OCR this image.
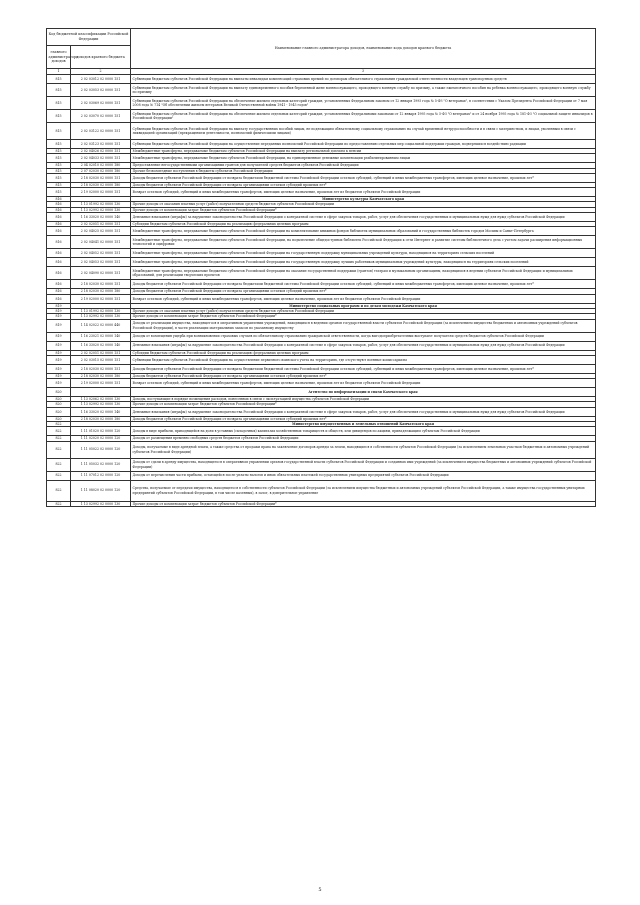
Код бюджетной классификации Российской Федерации		Наименование главного администратора доходов, наименование кода доходов краевого бюджета
главного администратора доходов	доходов краевого бюджета	
1	2	3
815	2 02 03012 02 0000 151	Субвенции бюджетам субъектов Российской Федерации на выплаты инвалидам компенсаций страховых премий по договорам обязательного страхования гражданской ответственности владельцев транспортных средств
815	2 02 03053 02 0000 151	Субвенции бюджетам субъектов Российской Федерации на выплату единовременного пособия беременной жене военнослужащего, проходящего военную службу по призыву, а также ежемесячного пособия на ребенка военнослужащего, проходящего военную службу по призыву
815	2 02 03069 02 0000 151	Субвенции бюджетам субъектов Российской Федерации на обеспечение жильем отдельных категорий граждан, установленных Федеральным законом от 12 января 1995 года № 5-ФЗ "О ветеранах", в соответствии с Указом Президента Российской Федерации от 7 мая 2008 года № 714 "Об обеспечении жильем ветеранов Великой Отечественной войны 1941 - 1945 годов"
815	2 02 03070 02 0000 151	Субвенции бюджетам субъектов Российской Федерации на обеспечение жильем отдельных категорий граждан, установленных Федеральными законами от 12 января 1995 года № 5-ФЗ "О ветеранах" и от 24 ноября 1995 года № 181-ФЗ "О социальной защите инвалидов в Российской Федерации"
815	2 02 03122 02 0000 151	Субвенции бюджетам субъектов Российской Федерации на выплату государственных пособий лицам, не подлежащим обязательному социальному страхованию на случай временной нетрудоспособности и в связи с материнством, и лицам, уволенным в связи с ликвидацией организаций (прекращением деятельности, полномочий физическими лицами)
815	2 02 03123 02 0000 151	Субвенции бюджетам субъектов Российской Федерации на осуществление переданных полномочий Российской Федерации по предоставлению отдельных мер социальной поддержки граждан, подвергшихся воздействию радиации
815	2 02 04026 02 0000 151	Межбюджетные трансферты, передаваемые бюджетам субъектов Российской Федерации на выплату региональной доплаты к пенсии
815	2 02 04033 02 0000 151	Межбюджетные трансферты, передаваемые бюджетам субъектов Российской Федерации, на единовременные денежные компенсации реабилитированным лицам
815	2 04 02010 02 0000 180	Предоставление негосударственными организациями грантов для получателей средств бюджетов субъектов Российской Федерации
815	2 07 02030 02 0000 180	Прочие безвозмездные поступления в бюджеты субъектов Российской Федерации
815	2 18 02030 02 0000 151	Доходы бюджетов субъектов Российской Федерации от возврата бюджетами бюджетной системы Российской Федерации остатков субсидий, субвенций и иных межбюджетных трансфертов, имеющих целевое назначение, прошлых лет*
815	2 18 02030 02 0000 180	Доходы бюджетов субъектов Российской Федерации от возврата организациями остатков субсидий прошлых лет*
815	2 19 02000 02 0000 151	Возврат остатков субсидий, субвенций и иных межбюджетных трансфертов, имеющих целевое назначение, прошлых лет из бюджетов субъектов Российской Федерации
816		Министерство культуры Камчатского края
816	1 13 01992 02 0000 130	Прочие доходы от оказания платных услуг (работ) получателями средств бюджетов субъектов Российской Федерации
816	1 13 02992 02 0000 130	Прочие доходы от компенсации затрат бюджетов субъектов Российской Федерации*
816	1 16 33020 02 0000 140	Денежные взыскания (штрафы) за нарушение законодательства Российской Федерации о контрактной системе в сфере закупок товаров, работ, услуг для обеспечения государственных и муниципальных нужд для нужд субъектов Российской Федерации
816	2 02 02051 02 0000 151	Субсидии бюджетам субъектов Российской Федерации на реализацию федеральных целевых программ
816	2 02 04025 02 0000 151	Межбюджетные трансферты, передаваемые бюджетам субъектов Российской Федерации на комплектование книжных фондов библиотек муниципальных образований и государственных библиотек городов Москвы и Санкт-Петербурга
816	2 02 04041 02 0000 151	Межбюджетные трансферты, передаваемые бюджетам субъектов Российской Федерации, на подключение общедоступных библиотек Российской Федерации к сети Интернет и развитие системы библиотечного дела с учетом задачи расширения информационных технологий и оцифровки
816	2 02 04052 02 0000 151	Межбюджетные трансферты, передаваемые бюджетам субъектов Российской Федерации на государственную поддержку муниципальных учреждений культуры, находящихся на территориях сельских поселений
816	2 02 04053 02 0000 151	Межбюджетные трансферты, передаваемые бюджетам субъектов Российской Федерации на государственную поддержку лучших работников муниципальных учреждений культуры, находящихся на территориях сельских поселений
816	2 02 04090 02 0000 151	Межбюджетные трансферты, передаваемые бюджетам субъектов Российской Федерации на оказание государственной поддержки (грантов) театрам и музыкальным организациям, находящимся в ведении субъектов Российской Федерации и муниципальных образований, для реализации творческих проектов
816	2 18 02030 02 0000 151	Доходы бюджетов субъектов Российской Федерации от возврата бюджетами бюджетной системы Российской Федерации остатков субсидий, субвенций и иных межбюджетных трансфертов, имеющих целевое назначение, прошлых лет*
816	2 18 02030 02 0000 180	Доходы бюджетов субъектов Российской Федерации от возврата организациями остатков субсидий прошлых лет*
816	2 19 02000 02 0000 151	Возврат остатков субсидий, субвенций и иных межбюджетных трансфертов, имеющих целевое назначение, прошлых лет из бюджетов субъектов Российской Федерации
819		Министерство социальных программ и по делам молодежи Камчатского края
819	1 13 01992 02 0000 130	Прочие доходы от оказания платных услуг (работ) получателями средств бюджетов субъектов Российской Федерации
819	1 13 02992 02 0000 130	Прочие доходы от компенсации затрат бюджетов субъектов Российской Федерации*
819	1 14 02022 02 0000 440	Доходы от реализации имущества, находящегося в оперативном управлении учреждений, находящихся в ведении органов государственной власти субъектов Российской Федерации (за исключением имущества бюджетных и автономных учреждений субъектов Российской Федерации), в части реализации материальных запасов по указанному имуществу
819	1 16 23021 02 0000 140	Доходы от возмещения ущерба при возникновении страховых случаев по обязательному страхованию гражданской ответственности, когда выгодоприобретателями выступают получатели средств бюджетов субъектов Российской Федерации
819	1 16 33020 02 0000 140	Денежные взыскания (штрафы) за нарушение законодательства Российской Федерации о контрактной системе в сфере закупок товаров, работ, услуг для обеспечения государственных и муниципальных нужд для нужд субъектов Российской Федерации
819	2 02 02051 02 0000 151	Субсидии бюджетам субъектов Российской Федерации на реализацию федеральных целевых программ
819	2 02 03015 02 0000 151	Субвенции бюджетам субъектов Российской Федерации на осуществление первичного воинского учета на территориях, где отсутствуют военные комиссариаты
819	2 18 02030 02 0000 151	Доходы бюджетов субъектов Российской Федерации от возврата бюджетами бюджетной системы Российской Федерации остатков субсидий, субвенций и иных межбюджетных трансфертов, имеющих целевое назначение, прошлых лет*
819	2 18 02030 02 0000 180	Доходы бюджетов субъектов Российской Федерации от возврата организациями остатков субсидий прошлых лет*
819	2 19 02000 02 0000 151	Возврат остатков субсидий, субвенций и иных межбюджетных трансфертов, имеющих целевое назначение, прошлых лет из бюджетов субъектов Российской Федерации
820		Агентство по информатизации и связи Камчатского края
820	1 13 02062 02 0000 130	Доходы, поступающие в порядке возмещения расходов, понесенных в связи с эксплуатацией имущества субъектов Российской Федерации
820	1 13 02992 02 0000 130	Прочие доходы от компенсации затрат бюджетов субъектов Российской Федерации*
820	1 16 33020 02 0000 140	Денежные взыскания (штрафы) за нарушение законодательства Российской Федерации о контрактной системе в сфере закупок товаров, работ, услуг для обеспечения государственных и муниципальных нужд для нужд субъектов Российской Федерации
820	2 18 02030 02 0000 180	Доходы бюджетов субъектов Российской Федерации от возврата организациями остатков субсидий прошлых лет*
822		Министерство имущественных и земельных отношений Камчатского края
822	1 11 01020 02 0000 120	Доходы в виде прибыли, приходящейся на доли в уставных (складочных) капиталах хозяйственных товариществ и обществ, или дивидендов по акциям, принадлежащим субъектам Российской Федерации
822	1 11 02020 02 0000 120	Доходы от размещения временно свободных средств бюджетов субъектов Российской Федерации
822	1 11 05022 02 0000 120	Доходы, получаемые в виде арендной платы, а также средства от продажи права на заключение договоров аренды за земли, находящиеся в собственности субъектов Российской Федерации (за исключением земельных участков бюджетных и автономных учреждений субъектов Российской Федерации)
822	1 11 05032 02 0000 120	Доходы от сдачи в аренду имущества, находящегося в оперативном управлении органов государственной власти субъектов Российской Федерации и созданных ими учреждений (за исключением имущества бюджетных и автономных учреждений субъектов Российской Федерации)
822	1 11 07012 02 0000 120	Доходы от перечисления части прибыли, остающейся после уплаты налогов и иных обязательных платежей государственных унитарных предприятий субъектов Российской Федерации
822	1 11 08020 02 0000 120	Средства, получаемые от передачи имущества, находящегося в собственности субъектов Российской Федерации (за исключением имущества бюджетных и автономных учреждений субъектов Российской Федерации, а также имущества государственных унитарных предприятий субъектов Российской Федерации, в том числе казенных), в залог, в доверительное управление
822	1 13 02992 02 0000 130	Прочие доходы от компенсации затрат бюджетов субъектов Российской Федерации*
5
